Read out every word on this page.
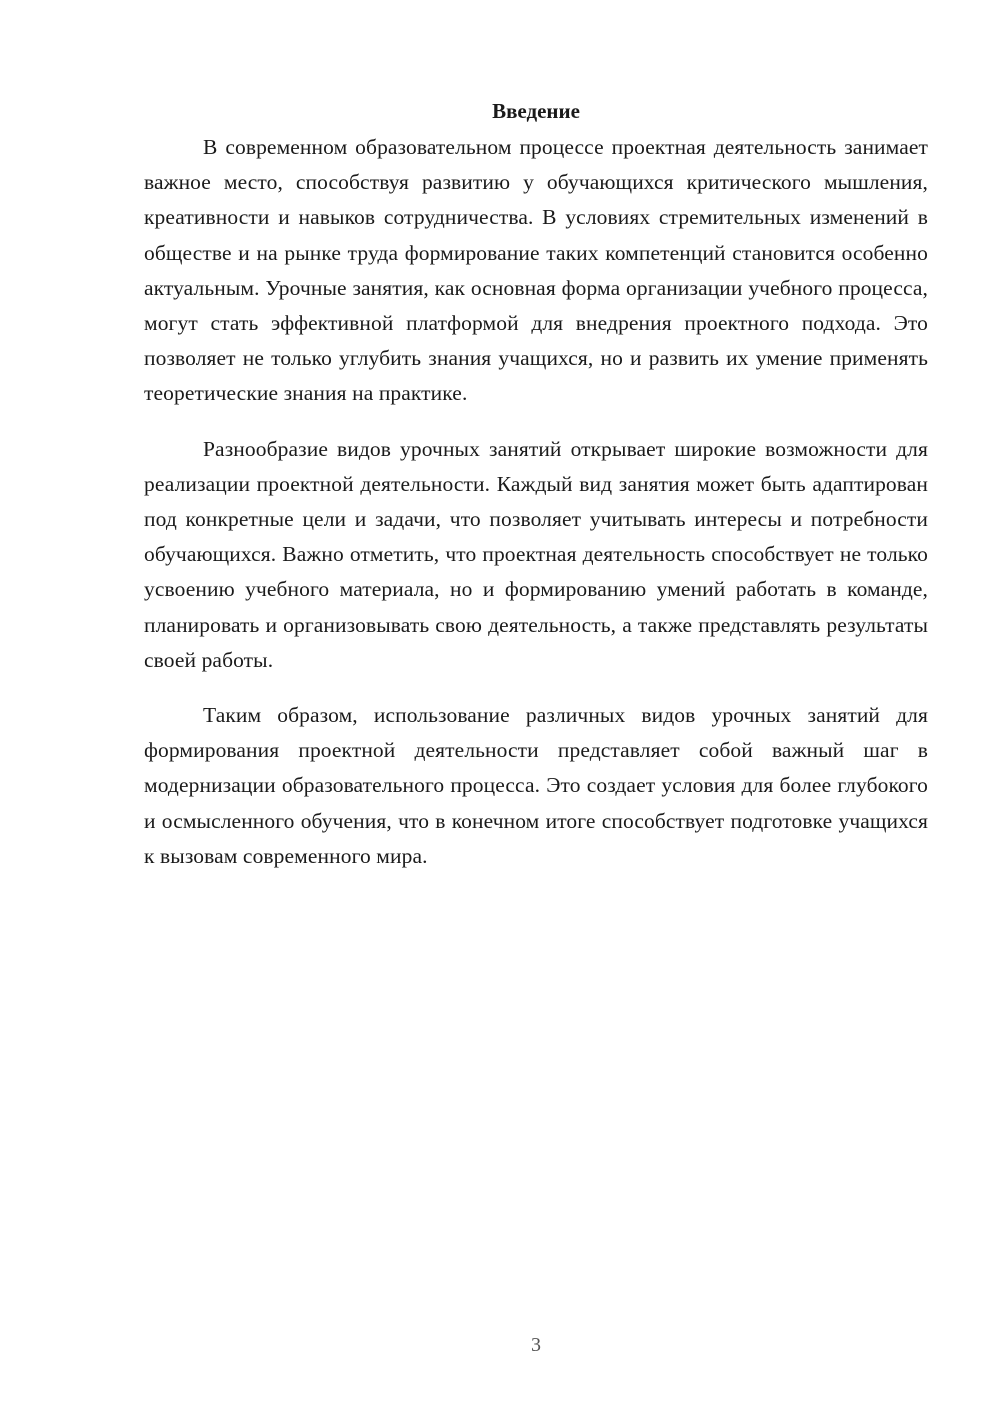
Введение

В современном образовательном процессе проектная деятельность занимает важное место, способствуя развитию у обучающихся критического мышления, креативности и навыков сотрудничества. В условиях стремительных изменений в обществе и на рынке труда формирование таких компетенций становится особенно актуальным. Урочные занятия, как основная форма организации учебного процесса, могут стать эффективной платформой для внедрения проектного подхода. Это позволяет не только углубить знания учащихся, но и развить их умение применять теоретические знания на практике.

Разнообразие видов урочных занятий открывает широкие возможности для реализации проектной деятельности. Каждый вид занятия может быть адаптирован под конкретные цели и задачи, что позволяет учитывать интересы и потребности обучающихся. Важно отметить, что проектная деятельность способствует не только усвоению учебного материала, но и формированию умений работать в команде, планировать и организовывать свою деятельность, а также представлять результаты своей работы.

Таким образом, использование различных видов урочных занятий для формирования проектной деятельности представляет собой важный шаг в модернизации образовательного процесса. Это создает условия для более глубокого и осмысленного обучения, что в конечном итоге способствует подготовке учащихся к вызовам современного мира.

3
